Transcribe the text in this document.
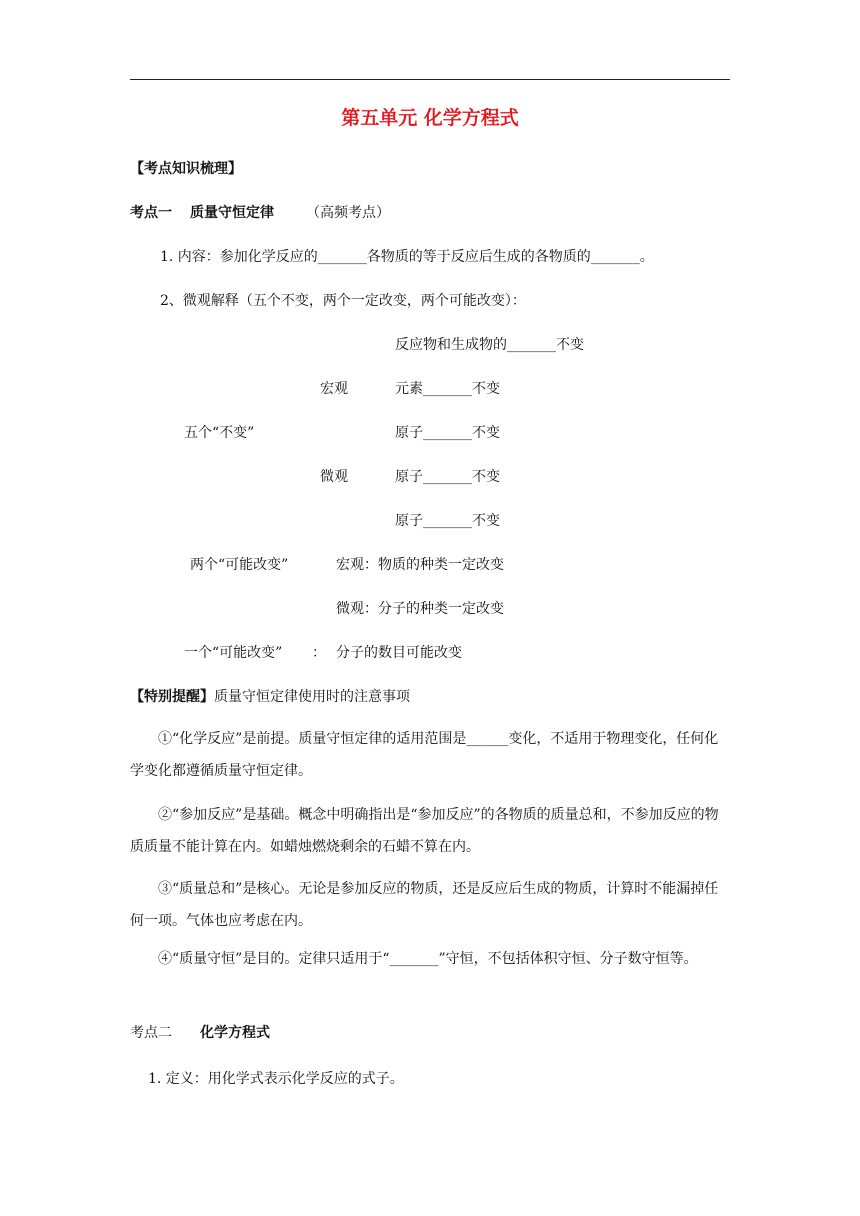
第五单元 化学方程式
【考点知识梳理】
考点一 质量守恒定律 （高频考点）
1. 内容：参加化学反应的_______各物质的等于反应后生成的各物质的_______。
2、微观解释（五个不变，两个一定改变，两个可能改变）：
反应物和生成物的_______不变
宏观	元素_______不变
五个“不变”	原子_______不变
微观	原子_______不变
原子_______不变
两个“可能改变”	宏观：物质的种类一定改变
微观：分子的种类一定改变
一个“可能改变” ： 分子的数目可能改变
【特别提醒】质量守恒定律使用时的注意事项
①“化学反应”是前提。质量守恒定律的适用范围是______变化，不适用于物理变化，任何化学变化都遵循质量守恒定律。
②“参加反应”是基础。概念中明确指出是“参加反应”的各物质的质量总和，不参加反应的物质质量不能计算在内。如蜡烛燃烧剩余的石蜡不算在内。
③“质量总和”是核心。无论是参加反应的物质，还是反应后生成的物质，计算时不能漏掉任何一项。气体也应考虑在内。
④“质量守恒”是目的。定律只适用于“_______”守恒，不包括体积守恒、分子数守恒等。
考点二 化学方程式
1. 定义：用化学式表示化学反应的式子。
